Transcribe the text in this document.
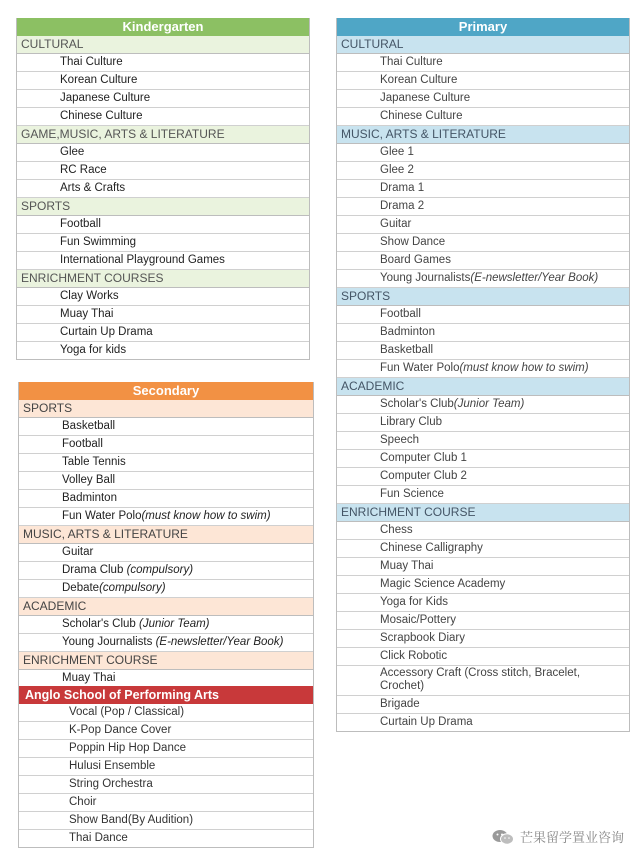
Kindergarten
CULTURAL
Thai Culture
Korean Culture
Japanese Culture
Chinese Culture
GAME,MUSIC, ARTS & LITERATURE
Glee
RC Race
Arts & Crafts
SPORTS
Football
Fun Swimming
International Playground Games
ENRICHMENT COURSES
Clay Works
Muay Thai
Curtain Up Drama
Yoga for kids
Primary
CULTURAL
Thai Culture
Korean Culture
Japanese Culture
Chinese Culture
MUSIC, ARTS & LITERATURE
Glee 1
Glee 2
Drama 1
Drama 2
Guitar
Show Dance
Board Games
Young Journalists(E-newsletter/Year Book)
SPORTS
Football
Badminton
Basketball
Fun Water Polo(must know how to swim)
ACADEMIC
Scholar's Club(Junior Team)
Library Club
Speech
Computer Club 1
Computer Club 2
Fun Science
ENRICHMENT COURSE
Chess
Chinese Calligraphy
Muay Thai
Magic Science Academy
Yoga for Kids
Mosaic/Pottery
Scrapbook Diary
Click Robotic
Accessory Craft (Cross stitch, Bracelet, Crochet)
Brigade
Curtain Up Drama
Secondary
SPORTS
Basketball
Football
Table Tennis
Volley Ball
Badminton
Fun Water Polo(must know how to swim)
MUSIC, ARTS & LITERATURE
Guitar
Drama Club (compulsory)
Debate(compulsory)
ACADEMIC
Scholar's Club (Junior Team)
Young Journalists (E-newsletter/Year Book)
ENRICHMENT COURSE
Muay Thai
Anglo School of Performing Arts
Vocal (Pop / Classical)
K-Pop Dance Cover
Poppin Hip Hop Dance
Hulusi Ensemble
String Orchestra
Choir
Show Band(By Audition)
Thai Dance	芒果留学置业咨询
